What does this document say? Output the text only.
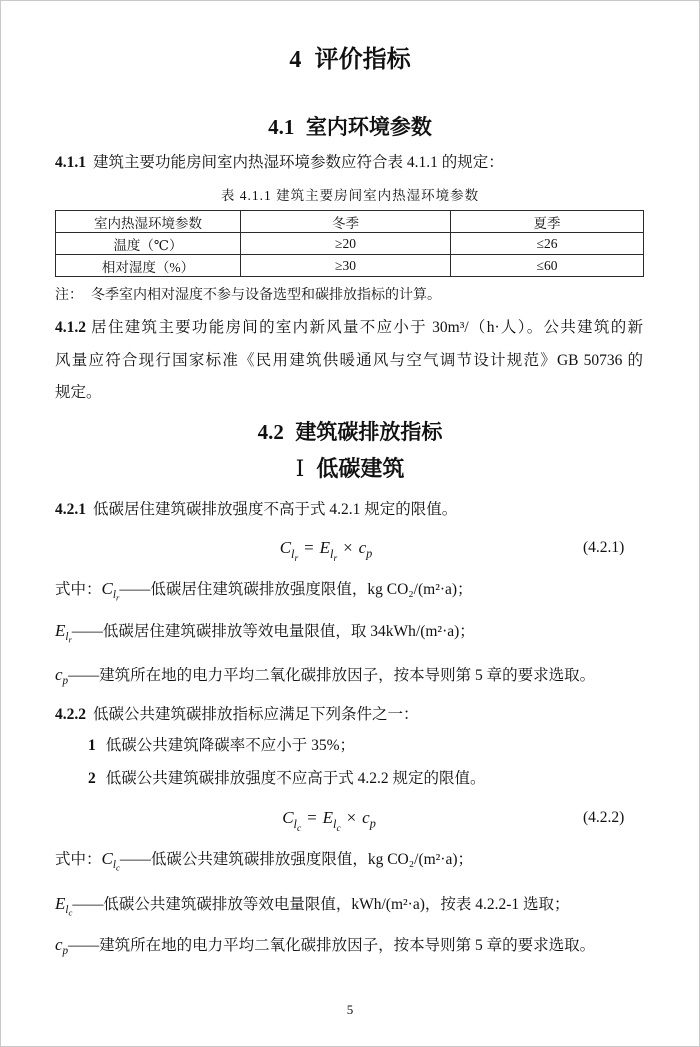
4 评价指标
4.1 室内环境参数
4.1.1 建筑主要功能房间室内热湿环境参数应符合表 4.1.1 的规定：
表 4.1.1 建筑主要房间室内热湿环境参数
室内热湿环境参数	冬季	夏季
温度（℃）	≥20	≤26
相对湿度（%）	≥30	≤60
注： 冬季室内相对湿度不参与设备选型和碳排放指标的计算。
4.1.2 居住建筑主要功能房间的室内新风量不应小于 30m³/（h·人）。公共建筑的新
风量应符合现行国家标准《民用建筑供暖通风与空气调节设计规范》GB 50736 的
规定。
4.2 建筑碳排放指标
Ⅰ 低碳建筑
4.2.1 低碳居住建筑碳排放强度不高于式 4.2.1 规定的限值。
$C_{l_r}= E_{l_r}\times c_p$	(4.2.1)
式中：$C_{l_r}——$低碳居住建筑碳排放强度限值，kg CO₂/(m²·a)；
$E_{l_r}——$低碳居住建筑碳排放等效电量限值，取 34kWh/(m²·a)；
$c_p——$建筑所在地的电力平均二氧化碳排放因子，按本导则第 5 章的要求选取。
4.2.2 低碳公共建筑碳排放指标应满足下列条件之一：
1 低碳公共建筑降碳率不应小于 35%；
2 低碳公共建筑碳排放强度不应高于式 4.2.2 规定的限值。
$C_{l_c}= E_{l_c}\times c_p$	(4.2.2)
式中：$C_{l_c}——$低碳公共建筑碳排放强度限值，kg CO₂/(m²·a)；
$E_{l_c}——$低碳公共建筑碳排放等效电量限值，kWh/(m²·a)，按表 4.2.2-1 选取；
$c_p——$建筑所在地的电力平均二氧化碳排放因子，按本导则第 5 章的要求选取。
5
